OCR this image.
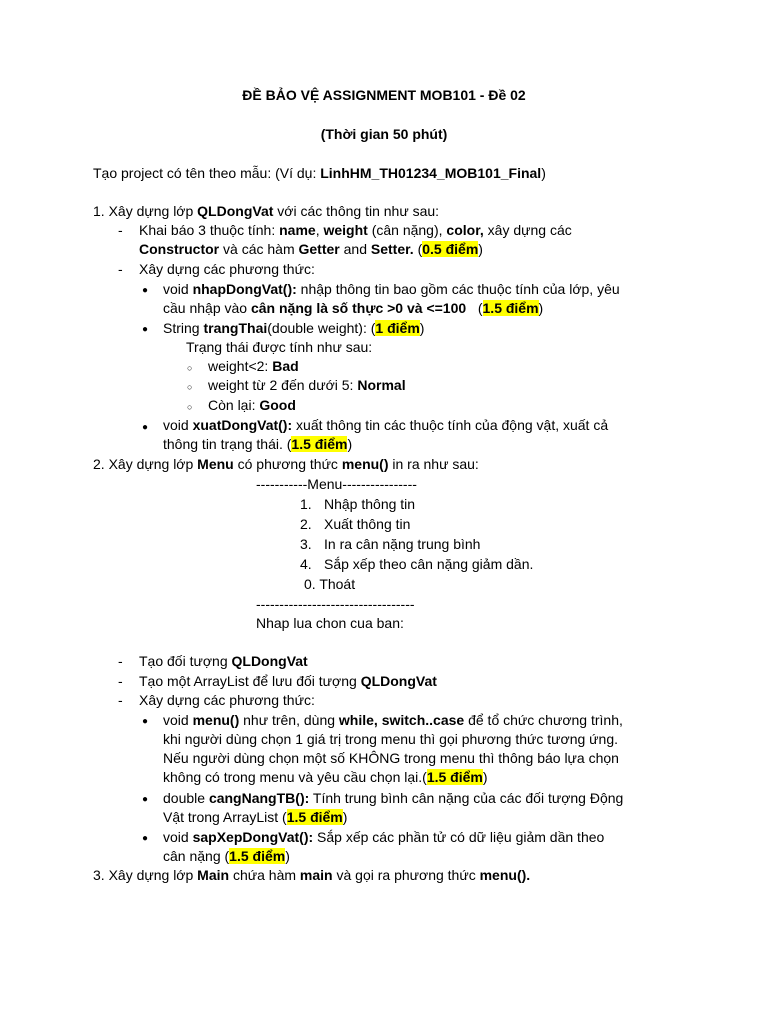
ĐỀ BẢO VỆ ASSIGNMENT MOB101 - Đề 02
(Thời gian 50 phút)
Tạo project có tên theo mẫu: (Ví dụ: LinhHM_TH01234_MOB101_Final)
1. Xây dựng lớp QLDongVat với các thông tin như sau:
- Khai báo 3 thuộc tính: name, weight (cân nặng), color, xây dựng các
Constructor và các hàm Getter and Setter. (0.5 điểm)
- Xây dựng các phương thức:
● void nhapDongVat(): nhập thông tin bao gồm các thuộc tính của lớp, yêu
cầu nhập vào cân nặng là số thực >0 và <=100   (1.5 điểm)
● String trangThai(double weight): (1 điểm)
Trạng thái được tính như sau:
○ weight<2: Bad
○ weight từ 2 đến dưới 5: Normal
○ Còn lại: Good
● void xuatDongVat(): xuất thông tin các thuộc tính của động vật, xuất cả
thông tin trạng thái. (1.5 điểm)
2. Xây dựng lớp Menu có phương thức menu() in ra như sau:
-----------Menu----------------
1. Nhập thông tin
2. Xuất thông tin
3. In ra cân nặng trung bình
4. Sắp xếp theo cân nặng giảm dần.
0. Thoát
----------------------------------
Nhap lua chon cua ban:
- Tạo đối tượng QLDongVat
- Tạo một ArrayList để lưu đối tượng QLDongVat
- Xây dựng các phương thức:
● void menu() như trên, dùng while, switch..case để tổ chức chương trình,
khi người dùng chọn 1 giá trị trong menu thì gọi phương thức tương ứng.
Nếu người dùng chọn một số KHÔNG trong menu thì thông báo lựa chọn
không có trong menu và yêu cầu chọn lại.(1.5 điểm)
● double cangNangTB(): Tính trung bình cân nặng của các đối tượng Động
Vật trong ArrayList (1.5 điểm)
● void sapXepDongVat(): Sắp xếp các phần tử có dữ liệu giảm dần theo
cân nặng (1.5 điểm)
3. Xây dựng lớp Main chứa hàm main và gọi ra phương thức menu().
